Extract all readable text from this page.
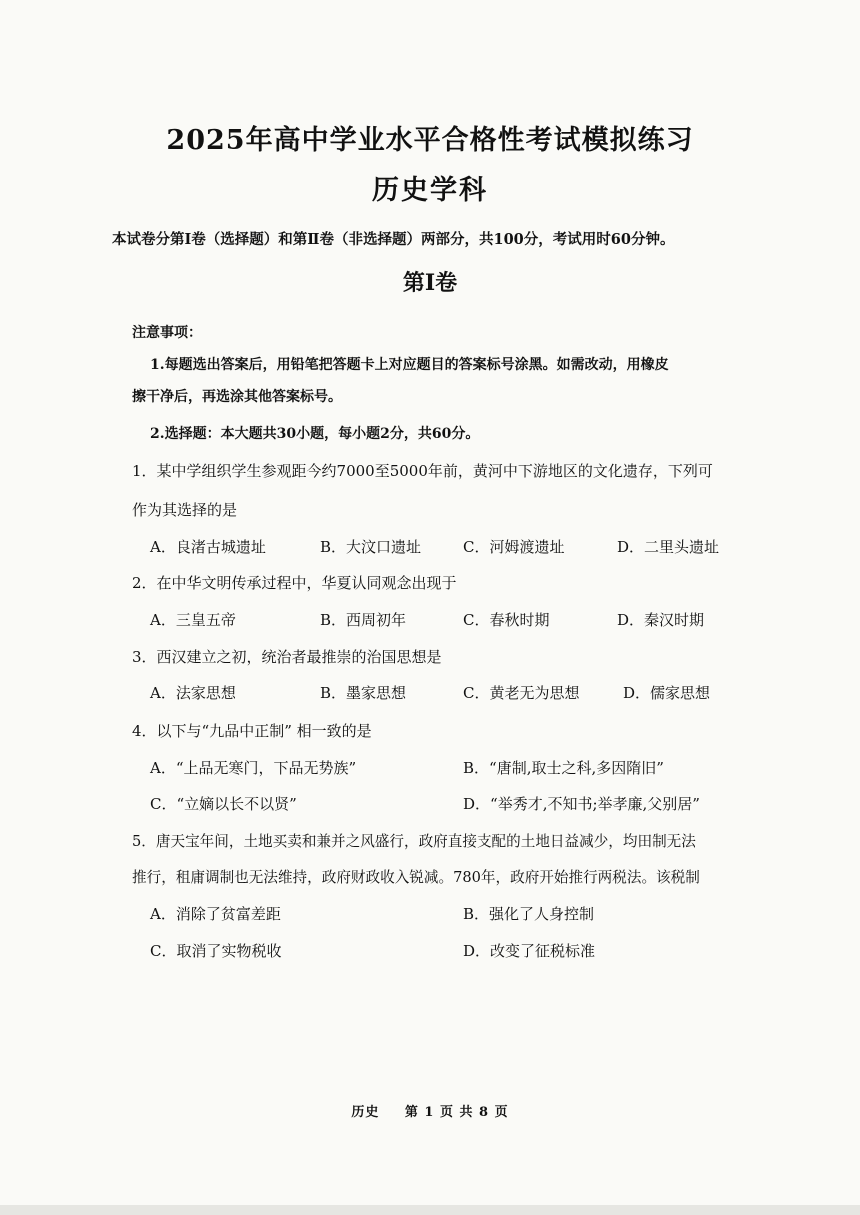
2025年高中学业水平合格性考试模拟练习
历史学科
本试卷分第Ⅰ卷（选择题）和第Ⅱ卷（非选择题）两部分，共100分，考试用时60分钟。
第Ⅰ卷
注意事项：
1.每题选出答案后，用铅笔把答题卡上对应题目的答案标号涂黑。如需改动，用橡皮
擦干净后，再选涂其他答案标号。
2.选择题：本大题共30小题，每小题2分，共60分。
1．某中学组织学生参观距今约7000至5000年前，黄河中下游地区的文化遗存，下列可
作为其选择的是
A．良渚古城遗址	B．大汶口遗址	C．河姆渡遗址	D．二里头遗址
2．在中华文明传承过程中，华夏认同观念出现于
A．三皇五帝	B．西周初年	C．春秋时期	D．秦汉时期
3．西汉建立之初，统治者最推崇的治国思想是
A．法家思想	B．墨家思想	C．黄老无为思想	D．儒家思想
4．以下与“九品中正制” 相一致的是
A．“上品无寒门，下品无势族”	B．“唐制,取士之科,多因隋旧”
C．“立嫡以长不以贤”	D．“举秀才,不知书;举孝廉,父别居”
5．唐天宝年间，土地买卖和兼并之风盛行，政府直接支配的土地日益减少，均田制无法
推行，租庸调制也无法维持，政府财政收入锐减。780年，政府开始推行两税法。该税制
A．消除了贫富差距	B．强化了人身控制
C．取消了实物税收	D．改变了征税标准
历史 第 1 页 共 8 页
